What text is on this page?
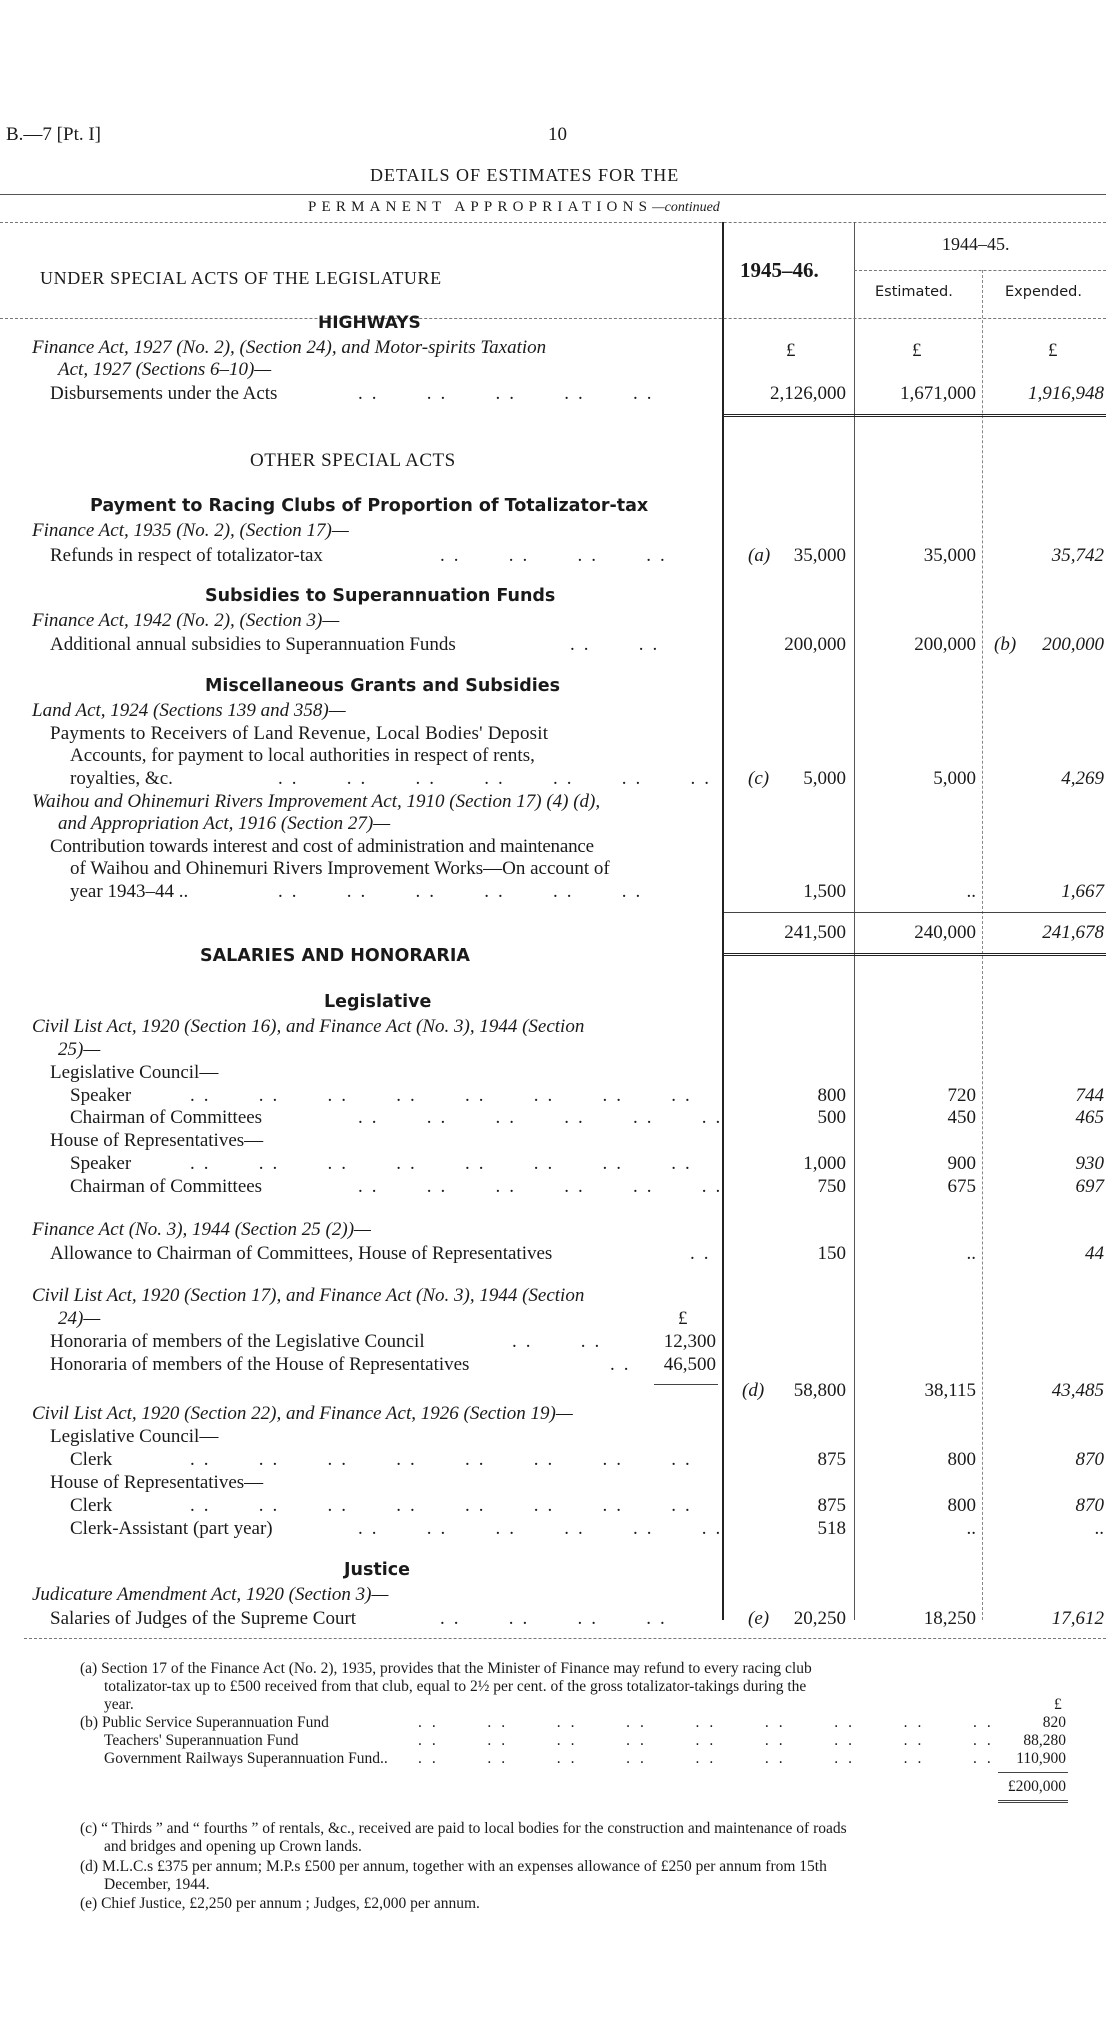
B.—7 [Pt. I]	10
DETAILS OF ESTIMATES FOR THE
PERMANENT APPROPRIATIONS—continued
UNDER SPECIAL ACTS OF THE LEGISLATURE	1945–46.
1944–45.
Estimated.	Expended.
HIGHWAYS
Finance Act, 1927 (No. 2), (Section 24), and Motor-spirits Taxation
Act, 1927 (Sections 6–10)—
£	£	£
Disbursements under the Acts	..   ..   ..   ..   ..	2,126,000	1,671,000	1,916,948
OTHER SPECIAL ACTS
Payment to Racing Clubs of Proportion of Totalizator-tax
Finance Act, 1935 (No. 2), (Section 17)—
Refunds in respect of totalizator-tax	..   ..   ..   ..	(a)	35,000	35,000	35,742
Subsidies to Superannuation Funds
Finance Act, 1942 (No. 2), (Section 3)—
Additional annual subsidies to Superannuation Funds	..   ..	200,000	200,000 (b)	200,000
Miscellaneous Grants and Subsidies
Land Act, 1924 (Sections 139 and 358)—
Payments to Receivers of Land Revenue, Local Bodies' Deposit
Accounts, for payment to local authorities in respect of rents,
royalties, &c.	..   ..   ..   ..   ..   ..   .. (c)	5,000	5,000	4,269
Waihou and Ohinemuri Rivers Improvement Act, 1910 (Section 17) (4) (d),
and Appropriation Act, 1916 (Section 27)—
Contribution towards interest and cost of administration and maintenance
of Waihou and Ohinemuri Rivers Improvement Works—On account of
year 1943–44 ..	..   ..   ..   ..   ..   ..	1,500	..	1,667
241,500	240,000	241,678
SALARIES AND HONORARIA
Legislative
Civil List Act, 1920 (Section 16), and Finance Act (No. 3), 1944 (Section
25)—
Legislative Council—
Speaker	..   ..   ..   ..   ..   ..   ..   ..	800	720	744
Chairman of Committees	..   ..   ..   ..   ..   ..	500	450	465
House of Representatives—
Speaker	..   ..   ..   ..   ..   ..   ..   ..	1,000	900	930
Chairman of Committees	..   ..   ..   ..   ..   ..	750	675	697
Finance Act (No. 3), 1944 (Section 25 (2))—
Allowance to Chairman of Committees, House of Representatives	..	150	..	44
Civil List Act, 1920 (Section 17), and Finance Act (No. 3), 1944 (Section
24)—	£
Honoraria of members of the Legislative Council	..   ..	12,300
Honoraria of members of the House of Representatives	..	46,500
(d)	58,800	38,115	43,485
Civil List Act, 1920 (Section 22), and Finance Act, 1926 (Section 19)—
Legislative Council—
Clerk	..   ..   ..   ..   ..   ..   ..   ..	875	800	870
House of Representatives—
Clerk	..   ..   ..   ..   ..   ..   ..   ..	875	800	870
Clerk-Assistant (part year)	..   ..   ..   ..   ..   ..	518	..	..
Justice
Judicature Amendment Act, 1920 (Section 3)—
Salaries of Judges of the Supreme Court	..   ..   ..   ..	(e)	20,250	18,250	17,612
(a) Section 17 of the Finance Act (No. 2), 1935, provides that the Minister of Finance may refund to every racing club
totalizator-tax up to £500 received from that club, equal to 2½ per cent. of the gross totalizator-takings during the
year.	£
(b) Public Service Superannuation Fund	..   ..   ..   ..   ..   ..   ..   ..   ..	820
Teachers' Superannuation Fund	..   ..   ..   ..   ..   ..   ..   ..   ..	88,280
Government Railways Superannuation Fund.. ..   ..   ..   ..   ..   ..   ..   ..   .. 110,900
£200,000
(c) “ Thirds ” and “ fourths ” of rentals, &c., received are paid to local bodies for the construction and maintenance of roads
and bridges and opening up Crown lands.
(d) M.L.C.s £375 per annum; M.P.s £500 per annum, together with an expenses allowance of £250 per annum from 15th
December, 1944.
(e) Chief Justice, £2,250 per annum ; Judges, £2,000 per annum.
